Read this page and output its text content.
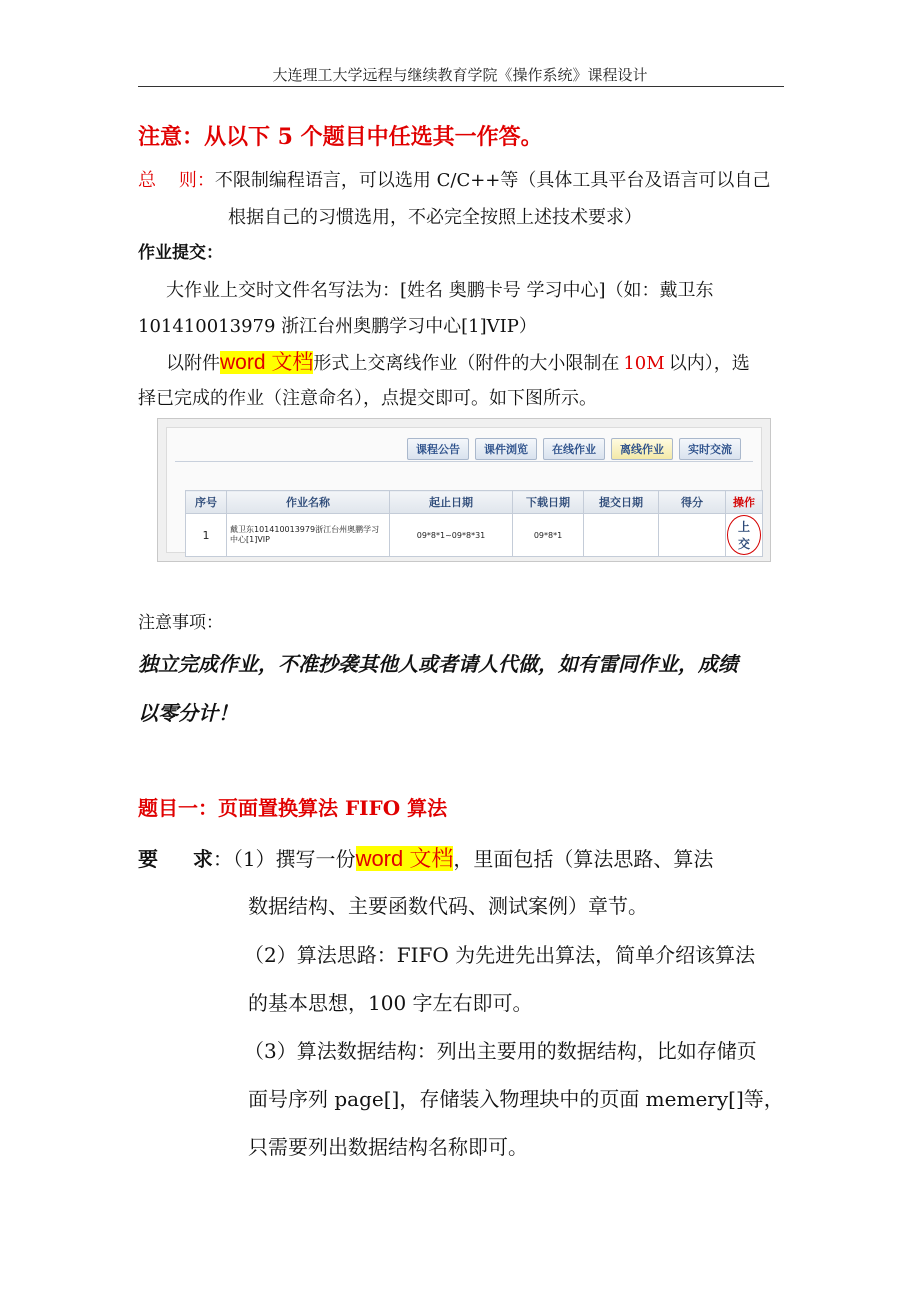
大连理工大学远程与继续教育学院《操作系统》课程设计
注意：从以下 5 个题目中任选其一作答。
总    则：不限制编程语言，可以选用 C/C++等（具体工具平台及语言可以自己
根据自己的习惯选用，不必完全按照上述技术要求）
作业提交：
大作业上交时文件名写法为：[姓名 奥鹏卡号 学习中心]（如：戴卫东
101410013979 浙江台州奥鹏学习中心[1]VIP）
以附件word 文档形式上交离线作业（附件的大小限制在 10M 以内），选
择已完成的作业（注意命名），点提交即可。如下图所示。
课程公告	课件浏览	在线作业	离线作业	实时交流
序号	作业名称	起止日期	下载日期	提交日期	得分	操作
1	戴卫东101410013979浙江台州奥鹏学习
中心[1]VIP	09*8*1~09*8*31	09*8*1			上交
注意事项：
独立完成作业，不准抄袭其他人或者请人代做，如有雷同作业，成绩
以零分计！
题目一：页面置换算法 FIFO 算法
要     求：（1）撰写一份word 文档，里面包括（算法思路、算法
数据结构、主要函数代码、测试案例）章节。
（2）算法思路：FIFO 为先进先出算法，简单介绍该算法
的基本思想，100 字左右即可。
（3）算法数据结构：列出主要用的数据结构，比如存储页
面号序列 page[]，存储装入物理块中的页面 memery[]等，
只需要列出数据结构名称即可。
